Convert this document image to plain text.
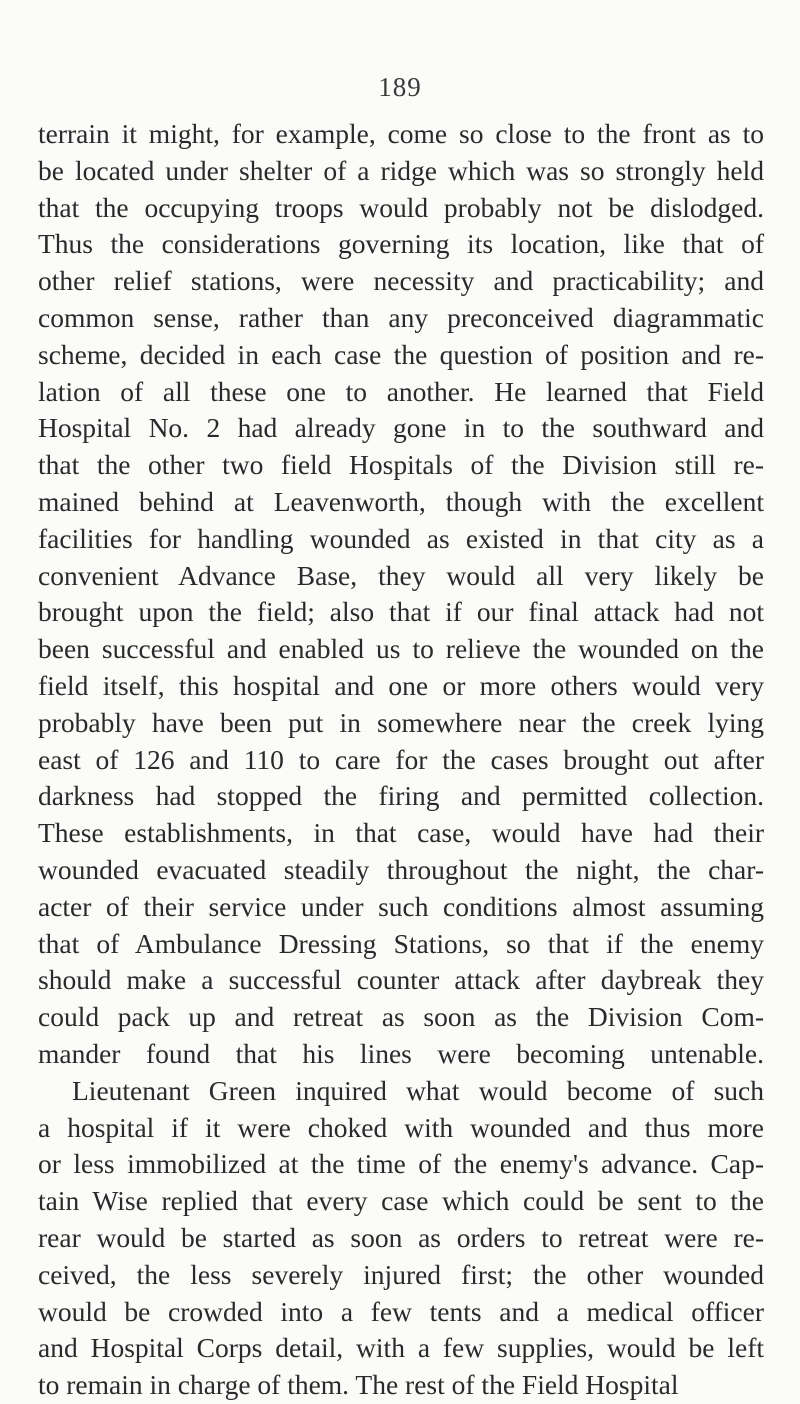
189
terrain it might, for example, come so close to the front as to
be located under shelter of a ridge which was so strongly held
that the occupying troops would probably not be dislodged.
Thus the considerations governing its location, like that of
other relief stations, were necessity and practicability; and
common sense, rather than any preconceived diagrammatic
scheme, decided in each case the question of position and re-
lation of all these one to another. He learned that Field
Hospital No. 2 had already gone in to the southward and
that the other two field Hospitals of the Division still re-
mained behind at Leavenworth, though with the excellent
facilities for handling wounded as existed in that city as a
convenient Advance Base, they would all very likely be
brought upon the field; also that if our final attack had not
been successful and enabled us to relieve the wounded on the
field itself, this hospital and one or more others would very
probably have been put in somewhere near the creek lying
east of 126 and 110 to care for the cases brought out after
darkness had stopped the firing and permitted collection.
These establishments, in that case, would have had their
wounded evacuated steadily throughout the night, the char-
acter of their service under such conditions almost assuming
that of Ambulance Dressing Stations, so that if the enemy
should make a successful counter attack after daybreak they
could pack up and retreat as soon as the Division Com-
mander found that his lines were becoming untenable.
Lieutenant Green inquired what would become of such
a hospital if it were choked with wounded and thus more
or less immobilized at the time of the enemy's advance. Cap-
tain Wise replied that every case which could be sent to the
rear would be started as soon as orders to retreat were re-
ceived, the less severely injured first; the other wounded
would be crowded into a few tents and a medical officer
and Hospital Corps detail, with a few supplies, would be left
to remain in charge of them. The rest of the Field Hospital
